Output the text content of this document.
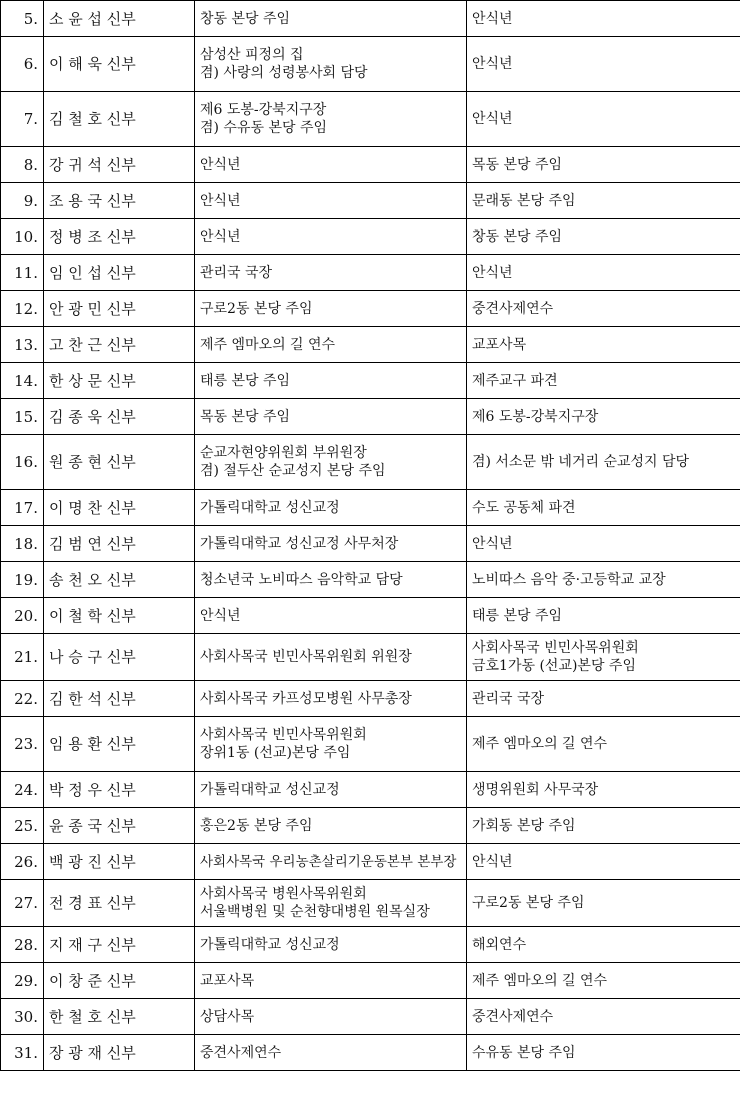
5.	소 윤 섭 신부	창동 본당 주임	안식년

6.	이 해 욱 신부	삼성산 피정의 집
겸) 사랑의 성령봉사회 담당	안식년

7.	김 철 호 신부	제6 도봉-강북지구장
겸) 수유동 본당 주임	안식년

8.	강 귀 석 신부	안식년	목동 본당 주임

9.	조 용 국 신부	안식년	문래동 본당 주임

10.	정 병 조 신부	안식년	창동 본당 주임

11.	임 인 섭 신부	관리국 국장	안식년

12.	안 광 민 신부	구로2동 본당 주임	중견사제연수

13.	고 찬 근 신부	제주 엠마오의 길 연수	교포사목

14.	한 상 문 신부	태릉 본당 주임	제주교구 파견

15.	김 종 욱 신부	목동 본당 주임	제6 도봉-강북지구장

16.	원 종 현 신부	순교자현양위원회 부위원장
겸) 절두산 순교성지 본당 주임	겸) 서소문 밖 네거리 순교성지 담당

17.	이 명 찬 신부	가톨릭대학교 성신교정	수도 공동체 파견

18.	김 범 연 신부	가톨릭대학교 성신교정 사무처장	안식년

19.	송 천 오 신부	청소년국 노비따스 음악학교 담당	노비따스 음악 중·고등학교 교장

20.	이 철 학 신부	안식년	태릉 본당 주임

21.	나 승 구 신부	사회사목국 빈민사목위원회 위원장	사회사목국 빈민사목위원회
금호1가동 (선교)본당 주임

22.	김 한 석 신부	사회사목국 카프성모병원 사무총장	관리국 국장

23.	임 용 환 신부	사회사목국 빈민사목위원회
장위1동 (선교)본당 주임	제주 엠마오의 길 연수

24.	박 정 우 신부	가톨릭대학교 성신교정	생명위원회 사무국장

25.	윤 종 국 신부	홍은2동 본당 주임	가회동 본당 주임

26.	백 광 진 신부	사회사목국 우리농촌살리기운동본부 본부장	안식년

27.	전 경 표 신부	사회사목국 병원사목위원회
서울백병원 및 순천향대병원 원목실장	구로2동 본당 주임

28.	지 재 구 신부	가톨릭대학교 성신교정	해외연수

29.	이 창 준 신부	교포사목	제주 엠마오의 길 연수

30.	한 철 호 신부	상담사목	중견사제연수

31.	장 광 재 신부	중견사제연수	수유동 본당 주임
